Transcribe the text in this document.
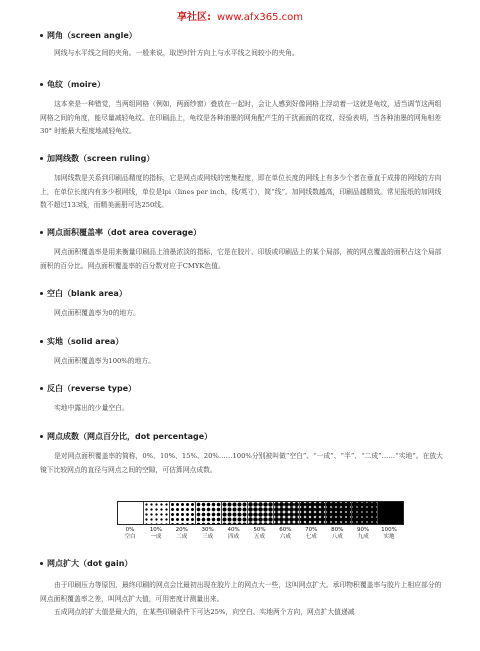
享社区: www.afx365.com
网角（screen angle）
网线与水平线之间的夹角。一般来说，取逆时针方向上与水平线之间较小的夹角。
龟纹（moire）
这本来是一种错觉，当两组网格（例如，两面纱窗）叠放在一起时，会让人感到好像网格上浮动着一这就是龟纹，适当调节这两组网格之间的角度，能尽量减轻龟纹。在印刷品上，龟纹是各种油墨的网角配产生的干扰画面的花纹，经验表明，当各种油墨的网角相差30° 时能最大程度地减轻龟纹。
加网线数（screen ruling）
加网线数是关系到印刷品精度的指标，它是网点或网线的密集程度，即在单位长度的网线上有多少个者在垂直于成排的网线的方向上，在单位长度内有多少根网线，单位是lpi（lines per inch，线/英寸），简“线”。加网线数越高，印刷品越精致。常见报纸的加网线数不超过133线，而精美画册可达250线。
网点面积覆盖率（dot area coverage）
网点面积覆盖率是用来衡量印刷品上油墨浓淡的指标，它是在胶片、印版或印刷品上的某个局部，被的网点覆盖的面积占这个局部面积的百分比。网点面积覆盖率的百分数对应于CMYK色值。
空白（blank area）
网点面积覆盖率为0的地方。
实地（solid area）
网点面积覆盖率为100%的地方。
反白（reverse type）
实地中露出的少量空白。
网点成数（网点百分比，dot percentage）
是对网点面积覆盖率的简称，0%、10%、15%、20%……100%分别被叫做“空白”、“一成”、“半”、“二成”……“实地”。在放大镜下比较网点的直径与网点之间的空隙，可估算网点成数。
0%	10%	20%	30%	40%	50%	60%	70%	80%	90%	100%
空白	一成	二成	三成	四成	五成	六成	七成	八成	九成	实地
网点扩大（dot gain）
由于印刷压力等原因，最终印刷的网点会比最初出现在胶片上的网点大一些，这叫网点扩大。承印物积覆盖率与胶片上相应部分的网点面积覆盖率之差，叫网点扩大值，可用密度计测量出来。
五成网点的扩大值是最大的，在某些印刷条件下可达25%，向空白、实地两个方向，网点扩大值递减
